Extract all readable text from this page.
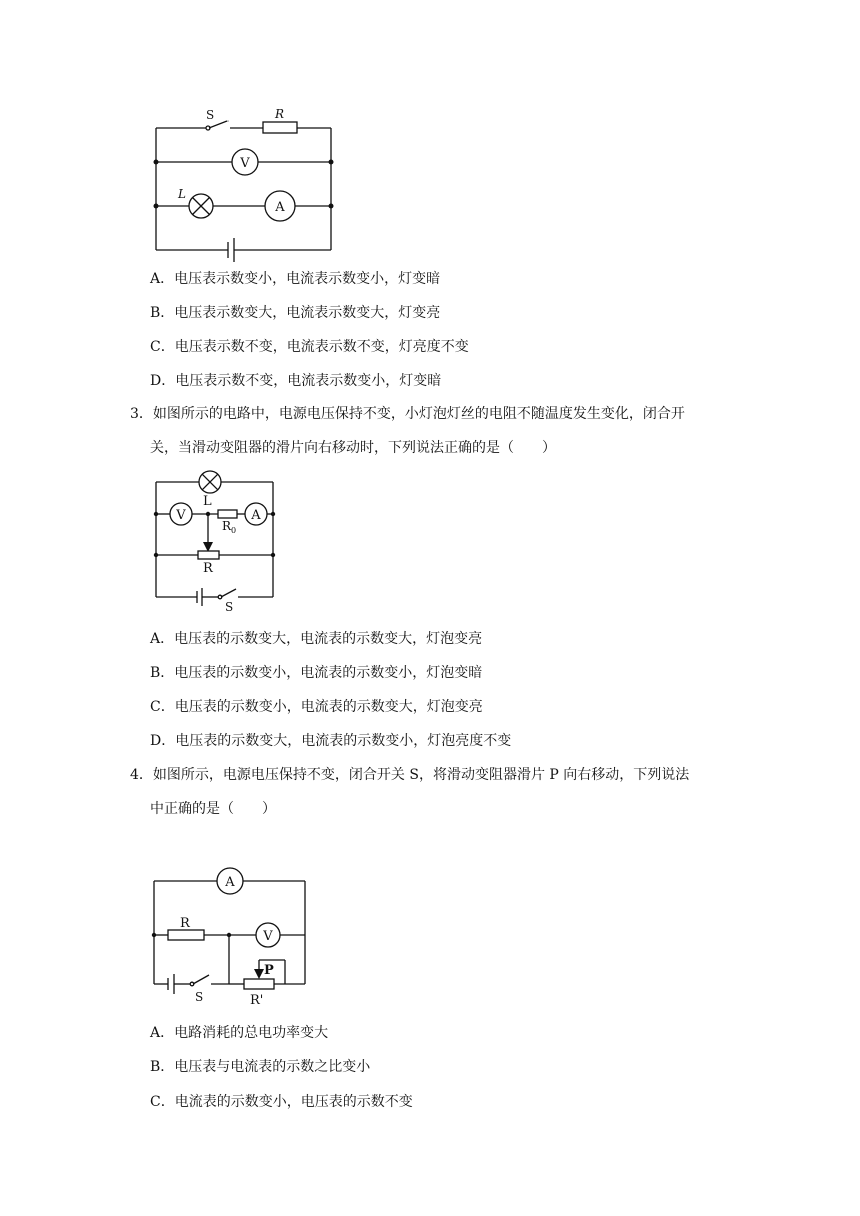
S	R
V
L
A
A．电压表示数变小，电流表示数变小，灯变暗
B．电压表示数变大，电流表示数变大，灯变亮
C．电压表示数不变，电流表示数不变，灯亮度不变
D．电压表示数不变，电流表示数变小，灯变暗
3．如图所示的电路中，电源电压保持不变，小灯泡灯丝的电阻不随温度发生变化，闭合开
关，当滑动变阻器的滑片向右移动时，下列说法正确的是（　　）
L
V	A
$R_0$
R
S
A．电压表的示数变大，电流表的示数变大，灯泡变亮
B．电压表的示数变小，电流表的示数变小，灯泡变暗
C．电压表的示数变小，电流表的示数变大，灯泡变亮
D．电压表的示数变大，电流表的示数变小，灯泡亮度不变
4．如图所示，电源电压保持不变，闭合开关 S，将滑动变阻器滑片 P 向右移动，下列说法
中正确的是（　　）
A
R
V
S
P
R'
A．电路消耗的总电功率变大
B．电压表与电流表的示数之比变小
C．电流表的示数变小，电压表的示数不变
